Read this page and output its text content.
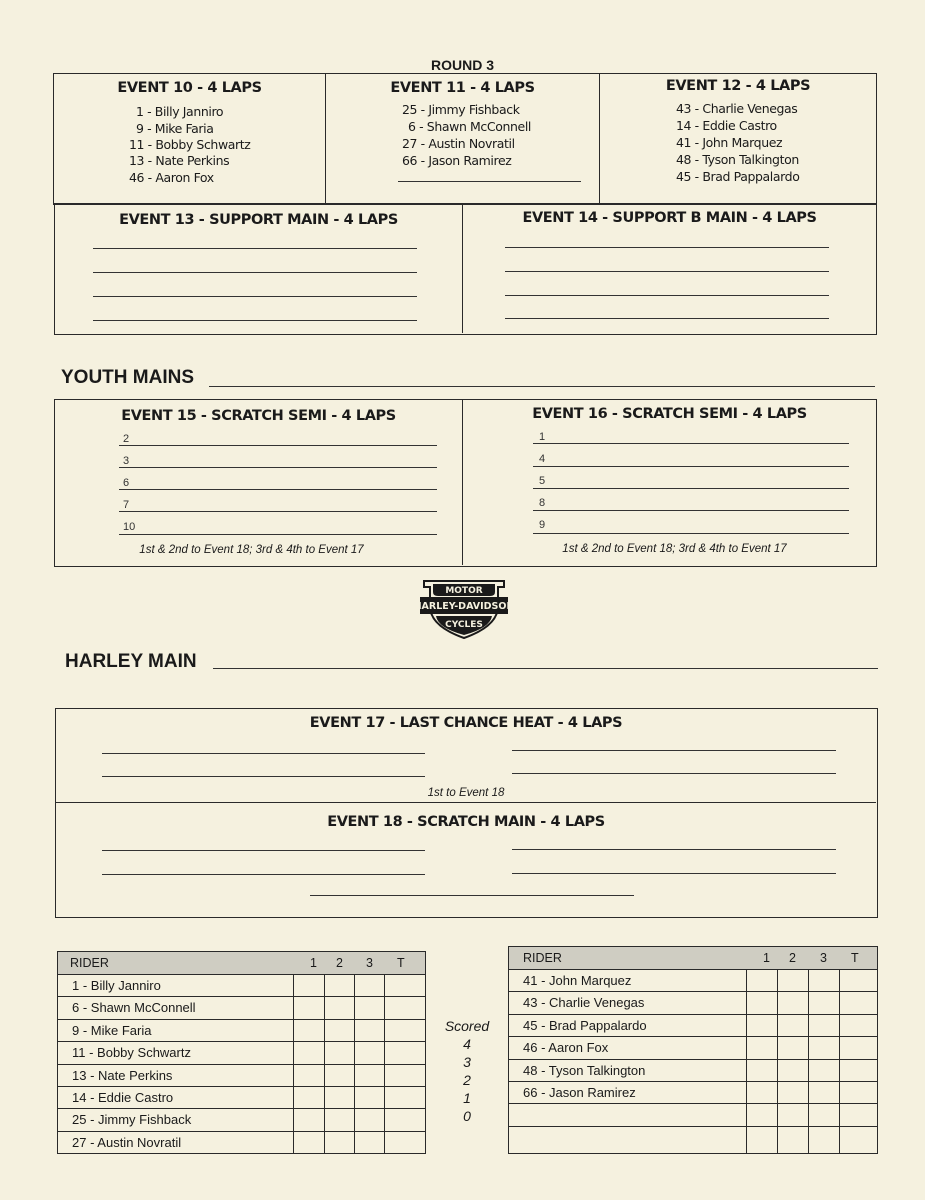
ROUND 3
EVENT 10 - 4 LAPS
1 - Billy Janniro
9 - Mike Faria
11 - Bobby Schwartz
13 - Nate Perkins
46 - Aaron Fox
EVENT 11 - 4 LAPS
25 - Jimmy Fishback
6 - Shawn McConnell
27 - Austin Novratil
66 - Jason Ramirez
EVENT 12 - 4 LAPS
43 - Charlie Venegas
14 - Eddie Castro
41 - John Marquez
48 - Tyson Talkington
45 - Brad Pappalardo
EVENT 13 - SUPPORT MAIN - 4 LAPS	EVENT 14 - SUPPORT B MAIN - 4 LAPS
YOUTH MAINS
EVENT 15 - SCRATCH SEMI - 4 LAPS
2
3
6
7
10
1st & 2nd to Event 18; 3rd & 4th to Event 17
EVENT 16 - SCRATCH SEMI - 4 LAPS
1
4
5
8
9
1st & 2nd to Event 18; 3rd & 4th to Event 17
MOTOR
HARLEY-DAVIDSON
CYCLES
HARLEY MAIN
EVENT 17 - LAST CHANCE HEAT - 4 LAPS
1st to Event 18
EVENT 18 - SCRATCH MAIN - 4 LAPS
RIDER	1 2 3 T
1 - Billy Janniro
6 - Shawn McConnell
9 - Mike Faria
11 - Bobby Schwartz
13 - Nate Perkins
14 - Eddie Castro
25 - Jimmy Fishback
27 - Austin Novratil
Scored
4
3
2
1
0
RIDER	1 2 3 T
41 - John Marquez
43 - Charlie Venegas
45 - Brad Pappalardo
46 - Aaron Fox
48 - Tyson Talkington
66 - Jason Ramirez
